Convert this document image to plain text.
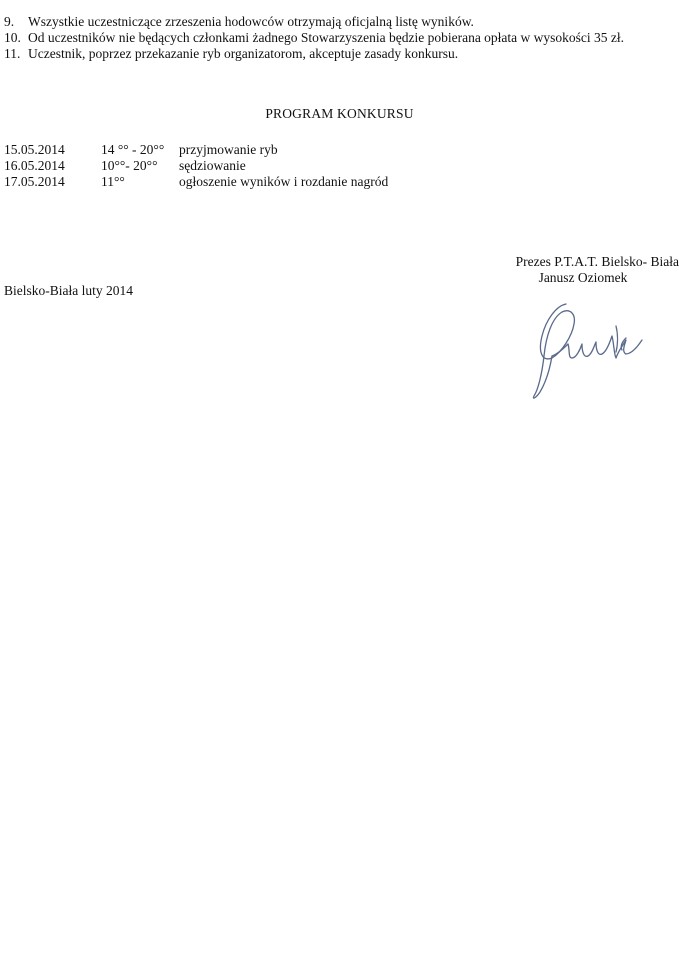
9. Wszystkie uczestniczące zrzeszenia hodowców otrzymają oficjalną listę wyników.
10. Od uczestników nie będących członkami żadnego Stowarzyszenia będzie pobierana opłata w wysokości 35 zł.
11. Uczestnik, poprzez przekazanie ryb organizatorom, akceptuje zasady konkursu.
PROGRAM KONKURSU
15.05.2014	14 °° - 20°°	przyjmowanie ryb
16.05.2014	10°°- 20°°	sędziowanie
17.05.2014	11°°	ogłoszenie wyników i rozdanie nagród
Prezes P.T.A.T. Bielsko- Biała
Janusz Oziomek
Bielsko-Biała luty 2014
